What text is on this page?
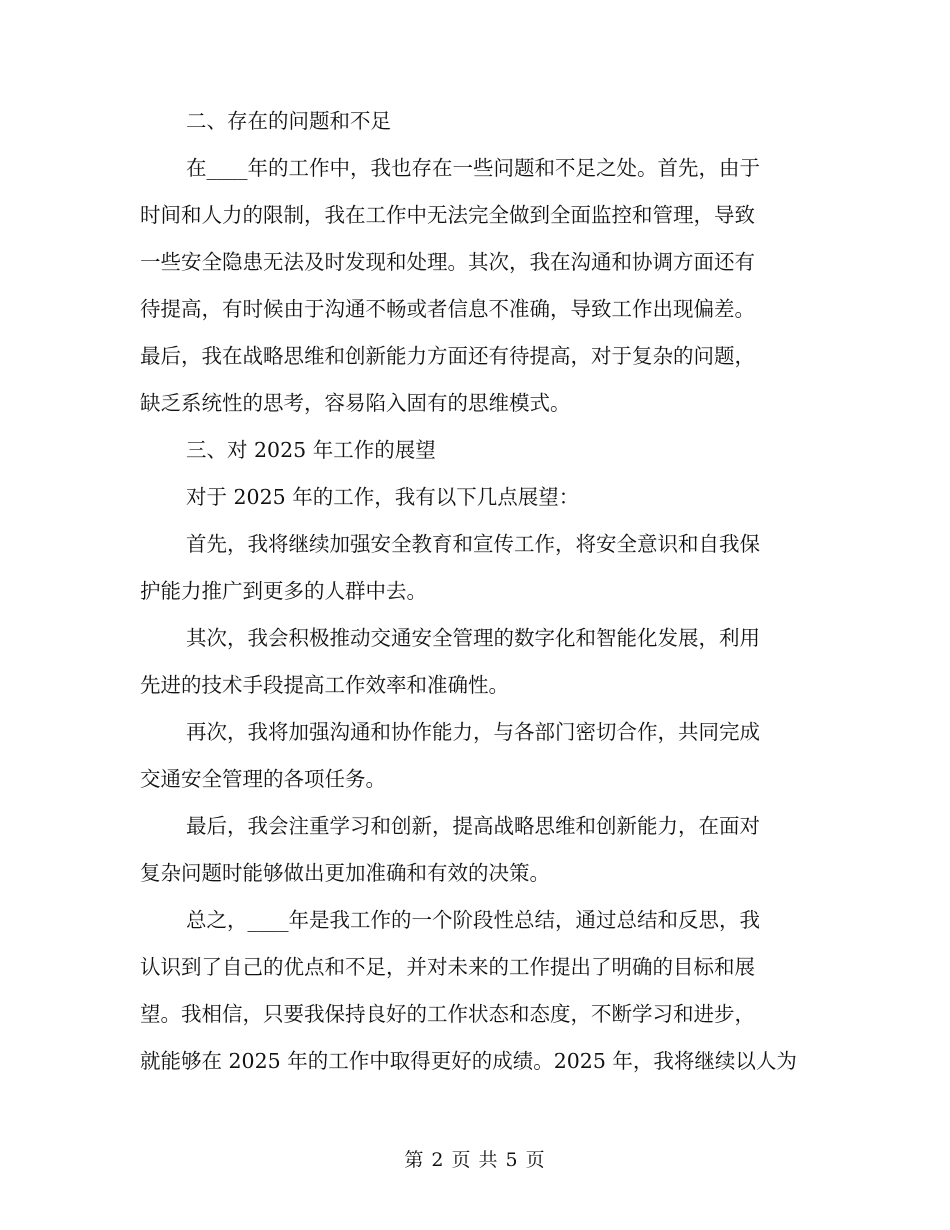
二、存在的问题和不足
在____年的工作中，我也存在一些问题和不足之处。首先，由于
时间和人力的限制，我在工作中无法完全做到全面监控和管理，导致
一些安全隐患无法及时发现和处理。其次，我在沟通和协调方面还有
待提高，有时候由于沟通不畅或者信息不准确，导致工作出现偏差。
最后，我在战略思维和创新能力方面还有待提高，对于复杂的问题，
缺乏系统性的思考，容易陷入固有的思维模式。
三、对 2025 年工作的展望
对于 2025 年的工作，我有以下几点展望：
首先，我将继续加强安全教育和宣传工作，将安全意识和自我保
护能力推广到更多的人群中去。
其次，我会积极推动交通安全管理的数字化和智能化发展，利用
先进的技术手段提高工作效率和准确性。
再次，我将加强沟通和协作能力，与各部门密切合作，共同完成
交通安全管理的各项任务。
最后，我会注重学习和创新，提高战略思维和创新能力，在面对
复杂问题时能够做出更加准确和有效的决策。
总之，____年是我工作的一个阶段性总结，通过总结和反思，我
认识到了自己的优点和不足，并对未来的工作提出了明确的目标和展
望。我相信，只要我保持良好的工作状态和态度，不断学习和进步，
就能够在 2025 年的工作中取得更好的成绩。2025 年，我将继续以人为
第 2 页 共 5 页
